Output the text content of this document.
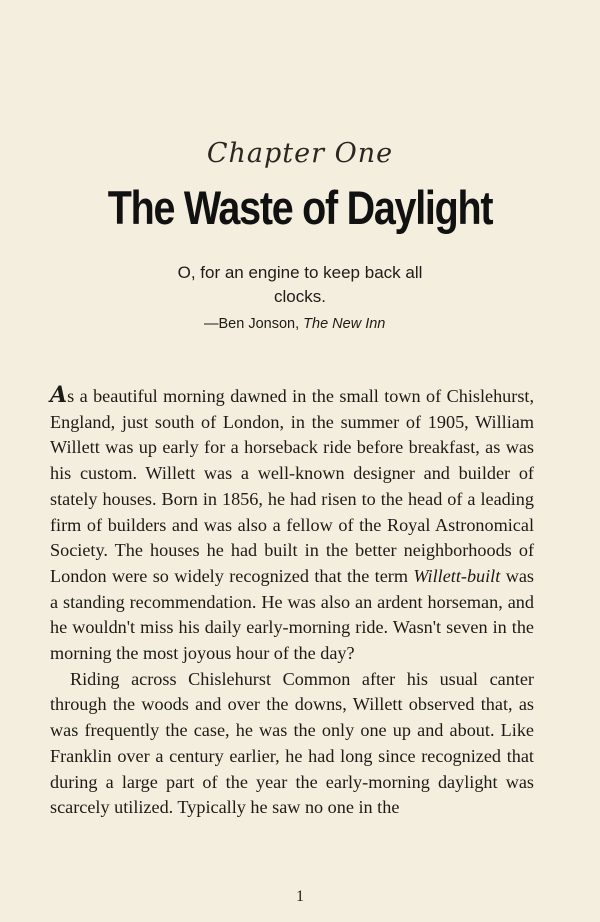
Chapter One
The Waste of Daylight
O, for an engine to keep back all clocks.
—Ben Jonson, The New Inn

As a beautiful morning dawned in the small town of Chislehurst, England, just south of London, in the summer of 1905, William Willett was up early for a horseback ride before breakfast, as was his custom. Willett was a well-known designer and builder of stately houses. Born in 1856, he had risen to the head of a leading firm of builders and was also a fellow of the Royal Astronomical Society. The houses he had built in the better neighborhoods of London were so widely recognized that the term Willett-built was a standing recommendation. He was also an ardent horseman, and he wouldn't miss his daily early-morning ride. Wasn't seven in the morning the most joyous hour of the day?

Riding across Chislehurst Common after his usual canter through the woods and over the downs, Willett observed that, as was frequently the case, he was the only one up and about. Like Franklin over a century earlier, he had long since recognized that during a large part of the year the early-morning daylight was scarcely utilized. Typically he saw no one in the

1
